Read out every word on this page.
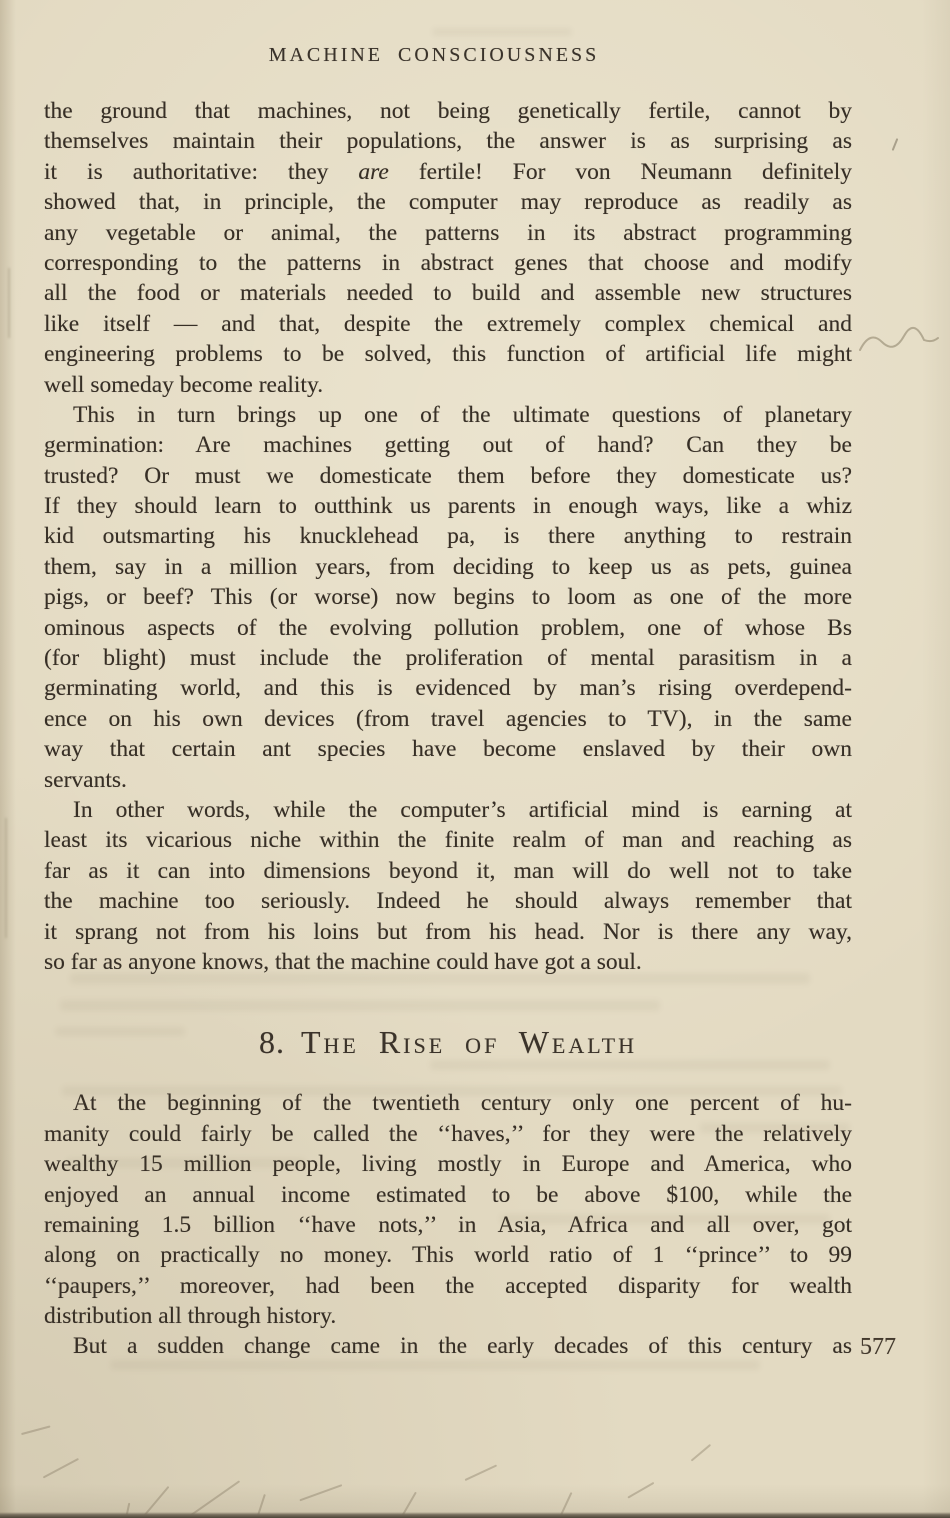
MACHINE CONSCIOUSNESS
the ground that machines, not being genetically fertile, cannot by
themselves maintain their populations, the answer is as surprising as
it is authoritative: they are fertile! For von Neumann definitely
showed that, in principle, the computer may reproduce as readily as
any vegetable or animal, the patterns in its abstract programming
corresponding to the patterns in abstract genes that choose and modify
all the food or materials needed to build and assemble new structures
like itself — and that, despite the extremely complex chemical and
engineering problems to be solved, this function of artificial life might
well someday become reality.
This in turn brings up one of the ultimate questions of planetary
germination: Are machines getting out of hand? Can they be
trusted? Or must we domesticate them before they domesticate us?
If they should learn to outthink us parents in enough ways, like a whiz
kid outsmarting his knucklehead pa, is there anything to restrain
them, say in a million years, from deciding to keep us as pets, guinea
pigs, or beef? This (or worse) now begins to loom as one of the more
ominous aspects of the evolving pollution problem, one of whose Bs
(for blight) must include the proliferation of mental parasitism in a
germinating world, and this is evidenced by man’s rising overdepend-
ence on his own devices (from travel agencies to TV), in the same
way that certain ant species have become enslaved by their own
servants.
In other words, while the computer’s artificial mind is earning at
least its vicarious niche within the finite realm of man and reaching as
far as it can into dimensions beyond it, man will do well not to take
the machine too seriously. Indeed he should always remember that
it sprang not from his loins but from his head. Nor is there any way,
so far as anyone knows, that the machine could have got a soul.
8. The Rise of Wealth
At the beginning of the twentieth century only one percent of hu-
manity could fairly be called the ‘‘haves,’’ for they were the relatively
wealthy 15 million people, living mostly in Europe and America, who
enjoyed an annual income estimated to be above $100, while the
remaining 1.5 billion ‘‘have nots,’’ in Asia, Africa and all over, got
along on practically no money. This world ratio of 1 ‘‘prince’’ to 99
‘‘paupers,’’ moreover, had been the accepted disparity for wealth
distribution all through history.
But a sudden change came in the early decades of this century as 577
